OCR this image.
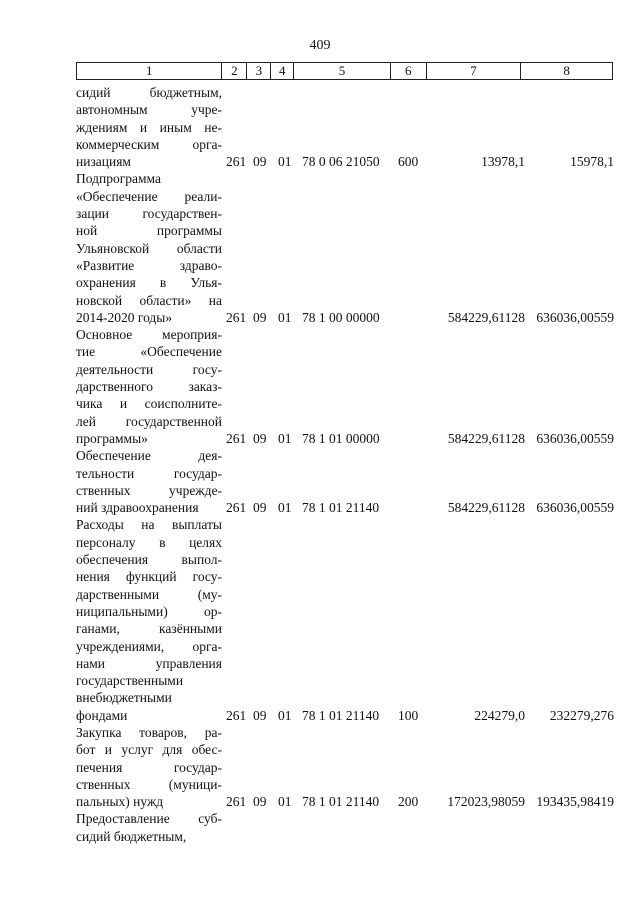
409
1	2	3	4	5	6	7	8
сидий бюджетным,
автономным учре-
ждениям и иным не-
коммерческим орга-
низациям	261 09 01 78 0 06 21050 600	13978,1	15978,1
Подпрограмма
«Обеспечение реали-
зации государствен-
ной программы
Ульяновской области
«Развитие здраво-
охранения в Улья-
новской области» на
2014-2020 годы»	261 09 01 78 1 00 00000	584229,61128 636036,00559
Основное мероприя-
тие «Обеспечение
деятельности госу-
дарственного заказ-
чика и соисполните-
лей государственной
программы»	261 09 01 78 1 01 00000	584229,61128 636036,00559
Обеспечение дея-
тельности государ-
ственных учрежде-
ний здравоохранения	261 09 01 78 1 01 21140	584229,61128 636036,00559
Расходы на выплаты
персоналу в целях
обеспечения выпол-
нения функций госу-
дарственными (му-
ниципальными) ор-
ганами, казёнными
учреждениями, орга-
нами управления
государственными
внебюджетными
фондами	261 09 01 78 1 01 21140 100	224279,0 232279,276
Закупка товаров, ра-
бот и услуг для обес-
печения государ-
ственных (муници-
пальных) нужд	261 09 01 78 1 01 21140 200 172023,98059 193435,98419
Предоставление суб-
сидий бюджетным,
